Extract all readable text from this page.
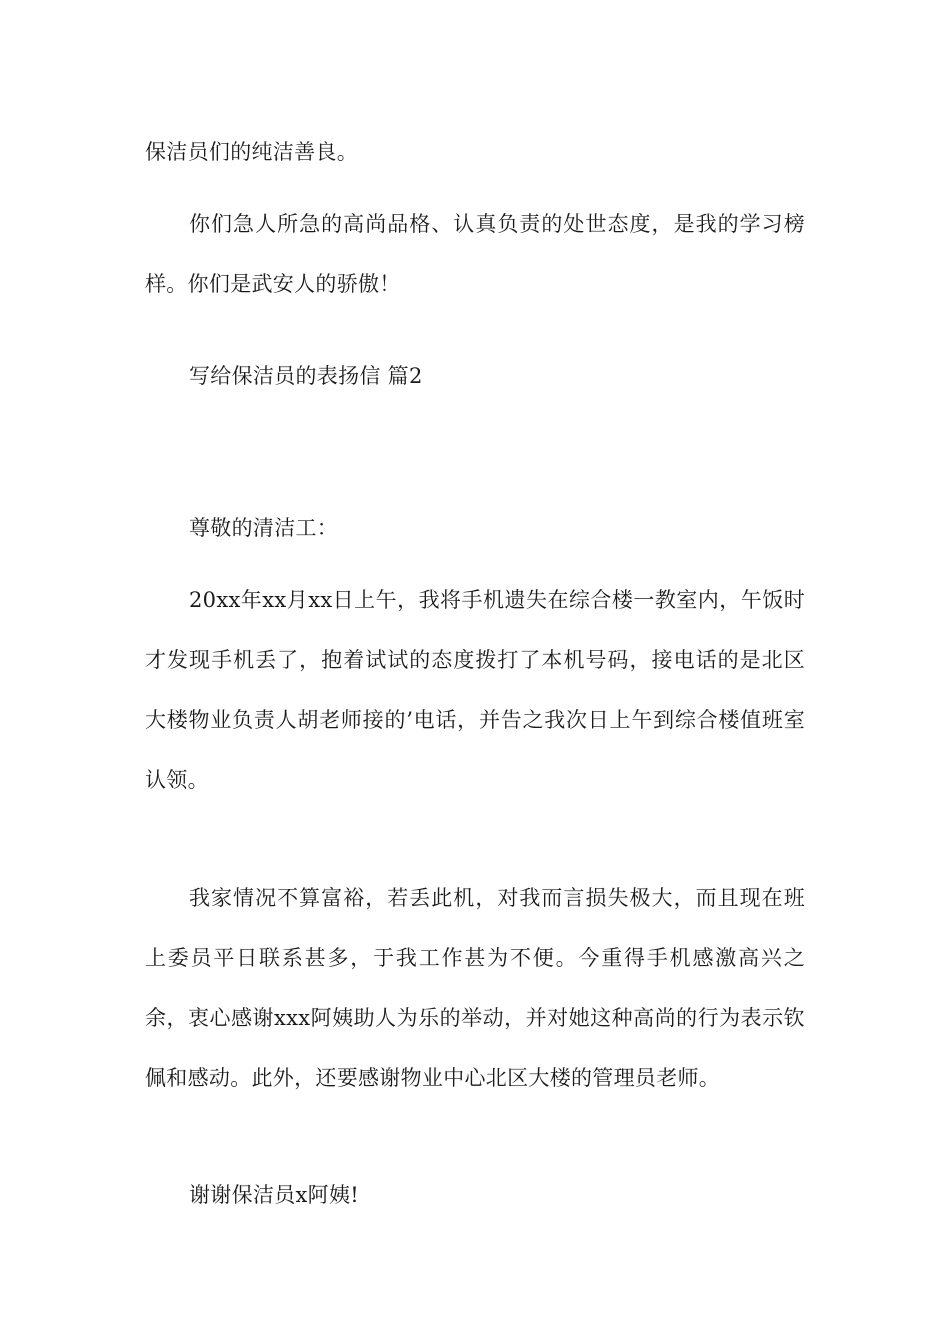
保洁员们的纯洁善良。

你们急人所急的高尚品格、认真负责的处世态度，是我的学习榜样。你们是武安人的骄傲！

写给保洁员的表扬信 篇2

尊敬的清洁工：

20xx年xx月xx日上午，我将手机遗失在综合楼一教室内，午饭时才发现手机丢了，抱着试试的态度拨打了本机号码，接电话的是北区大楼物业负责人胡老师接的’电话，并告之我次日上午到综合楼值班室认领。

我家情况不算富裕，若丢此机，对我而言损失极大，而且现在班上委员平日联系甚多，于我工作甚为不便。今重得手机感激高兴之余，衷心感谢xxx阿姨助人为乐的举动，并对她这种高尚的行为表示钦佩和感动。此外，还要感谢物业中心北区大楼的管理员老师。

谢谢保洁员x阿姨!
